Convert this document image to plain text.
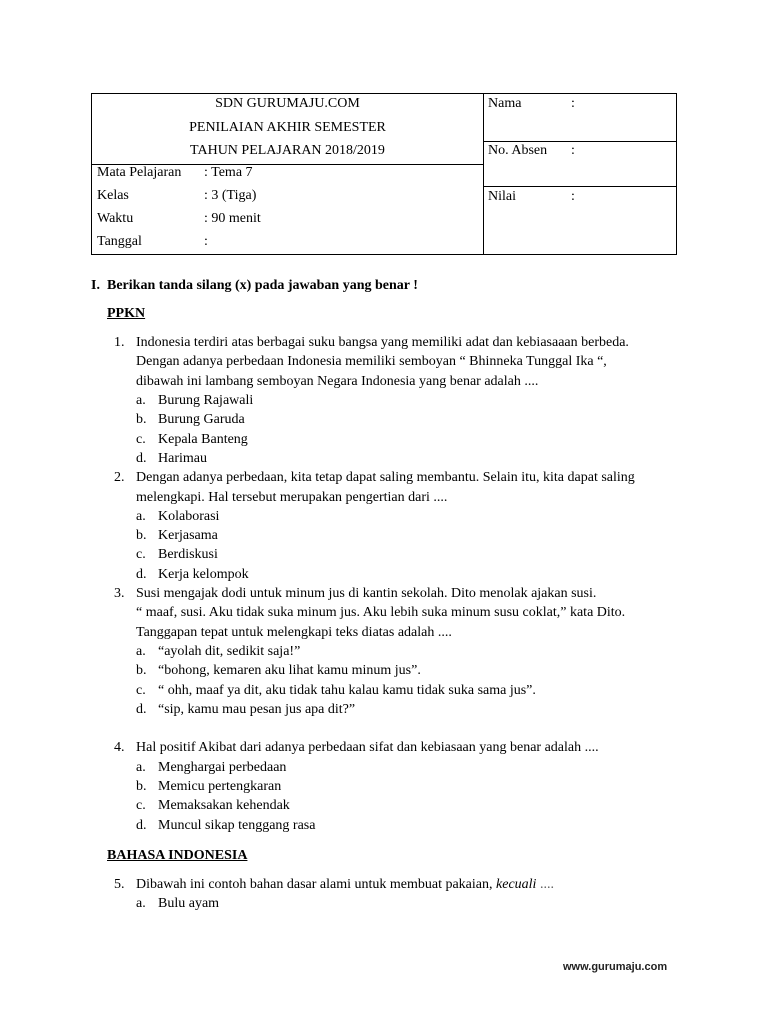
SDN GURUMAJU.COM
PENILAIAN AKHIR SEMESTER
TAHUN PELAJARAN 2018/2019
Mata Pelajaran : Tema 7
Kelas	: 3 (Tiga)
Waktu	: 90 menit
Tanggal	:
Nama	:
No. Absen :
Nilai	:
I. Berikan tanda silang (x) pada jawaban yang benar !
PPKN
1. Indonesia terdiri atas berbagai suku bangsa yang memiliki adat dan kebiasaaan berbeda.
Dengan adanya perbedaan Indonesia memiliki semboyan “ Bhinneka Tunggal Ika “,
dibawah ini lambang semboyan Negara Indonesia yang benar adalah ....
a. Burung Rajawali
b. Burung Garuda
c. Kepala Banteng
d. Harimau
2. Dengan adanya perbedaan, kita tetap dapat saling membantu. Selain itu, kita dapat saling
melengkapi. Hal tersebut merupakan pengertian dari ....
a. Kolaborasi
b. Kerjasama
c. Berdiskusi
d. Kerja kelompok
3. Susi mengajak dodi untuk minum jus di kantin sekolah. Dito menolak ajakan susi.
“ maaf, susi. Aku tidak suka minum jus. Aku lebih suka minum susu coklat,” kata Dito.
Tanggapan tepat untuk melengkapi teks diatas adalah ....
a. “ayolah dit, sedikit saja!”
b. “bohong, kemaren aku lihat kamu minum jus”.
c. “ ohh, maaf ya dit, aku tidak tahu kalau kamu tidak suka sama jus”.
d. “sip, kamu mau pesan jus apa dit?”
4. Hal positif Akibat dari adanya perbedaan sifat dan kebiasaan yang benar adalah ....
a. Menghargai perbedaan
b. Memicu pertengkaran
c. Memaksakan kehendak
d. Muncul sikap tenggang rasa
BAHASA INDONESIA
5. Dibawah ini contoh bahan dasar alami untuk membuat pakaian, kecuali ....
a. Bulu ayam
www.gurumaju.com
